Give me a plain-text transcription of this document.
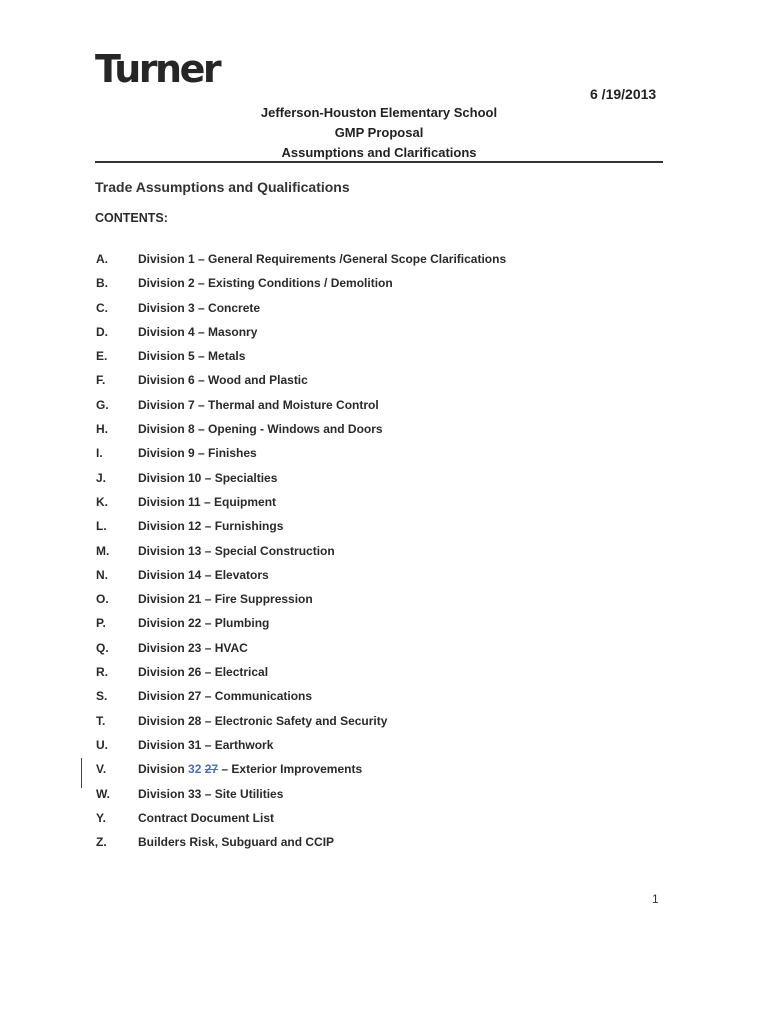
Turner
6 /19/2013
Jefferson-Houston Elementary School
GMP Proposal
Assumptions and Clarifications
Trade Assumptions and Qualifications
CONTENTS:
A.	Division 1 – General Requirements /General Scope Clarifications
B.	Division 2 – Existing Conditions / Demolition
C.	Division 3 – Concrete
D.	Division 4 – Masonry
E.	Division 5 – Metals
F.	Division 6 – Wood and Plastic
G. Division 7 – Thermal and Moisture Control
H.	Division 8 – Opening - Windows and Doors
I.	Division 9 – Finishes
J.	Division 10 – Specialties
K.	Division 11 – Equipment
L.	Division 12 – Furnishings
M. Division 13 – Special Construction
N.	Division 14 – Elevators
O. Division 21 – Fire Suppression
P.	Division 22 – Plumbing
Q. Division 23 – HVAC
R.	Division 26 – Electrical
S.	Division 27 – Communications
T.	Division 28 – Electronic Safety and Security
U.	Division 31 – Earthwork
V.	Division 32 27 – Exterior Improvements
W. Division 33 – Site Utilities
Y.	Contract Document List
Z.	Builders Risk, Subguard and CCIP
1
